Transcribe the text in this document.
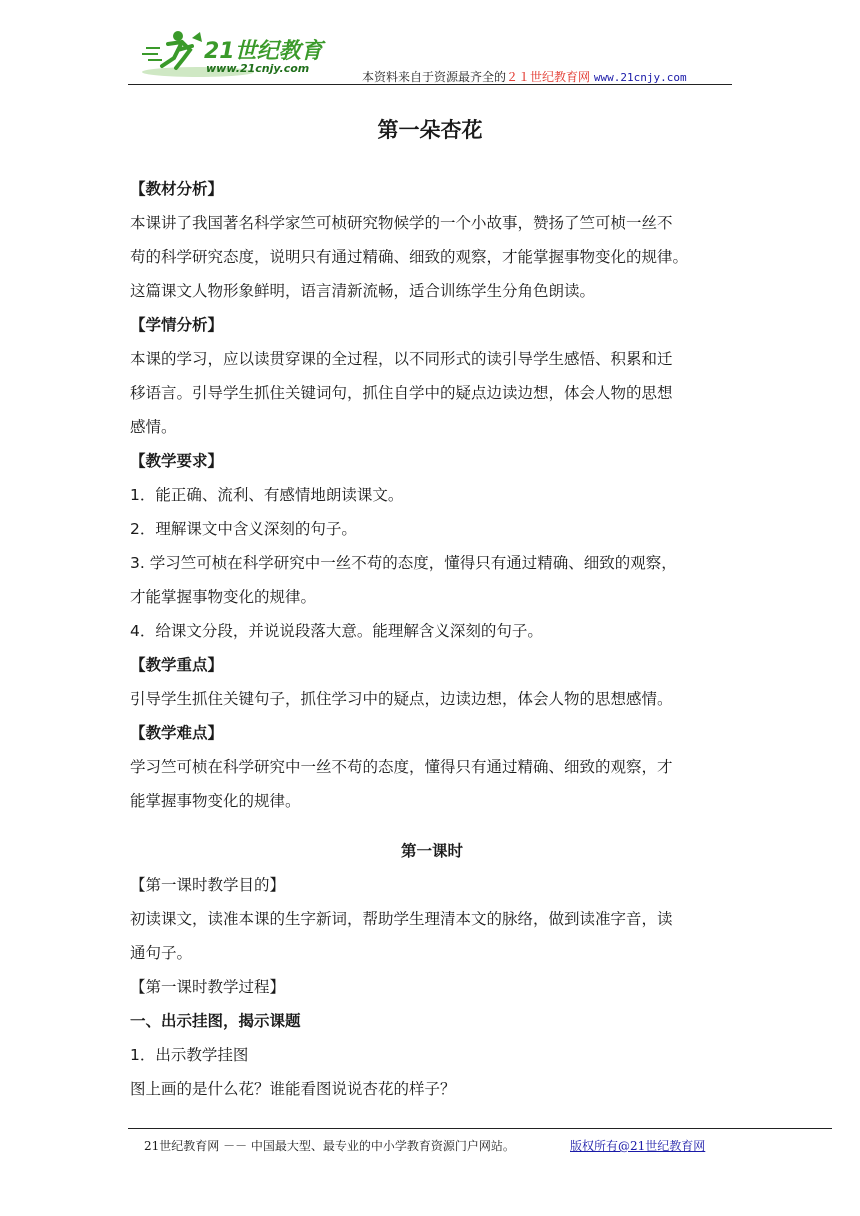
21世纪教育
www.21cnjy.com
本资料来自于资源最齐全的２１世纪教育网 www.21cnjy.com
第一朵杏花
【教材分析】
本课讲了我国著名科学家竺可桢研究物候学的一个小故事，赞扬了竺可桢一丝不
苟的科学研究态度，说明只有通过精确、细致的观察，才能掌握事物变化的规律。
这篇课文人物形象鲜明，语言清新流畅，适合训练学生分角色朗读。
【学情分析】
本课的学习，应以读贯穿课的全过程，以不同形式的读引导学生感悟、积累和迁
移语言。引导学生抓住关键词句，抓住自学中的疑点边读边想，体会人物的思想
感情。
【教学要求】
1．能正确、流利、有感情地朗读课文。
2．理解课文中含义深刻的句子。
3. 学习竺可桢在科学研究中一丝不苟的态度，懂得只有通过精确、细致的观察，
才能掌握事物变化的规律。
4．给课文分段，并说说段落大意。能理解含义深刻的句子。
【教学重点】
引导学生抓住关键句子，抓住学习中的疑点，边读边想，体会人物的思想感情。
【教学难点】
学习竺可桢在科学研究中一丝不苟的态度，懂得只有通过精确、细致的观察，才
能掌握事物变化的规律。
第一课时
【第一课时教学目的】
初读课文，读准本课的生字新词，帮助学生理清本文的脉络，做到读准字音，读
通句子。
【第一课时教学过程】
一、出示挂图，揭示课题
1．出示教学挂图
图上画的是什么花？谁能看图说说杏花的样子？
21世纪教育网 －－ 中国最大型、最专业的中小学教育资源门户网站。	版权所有@21世纪教育网
